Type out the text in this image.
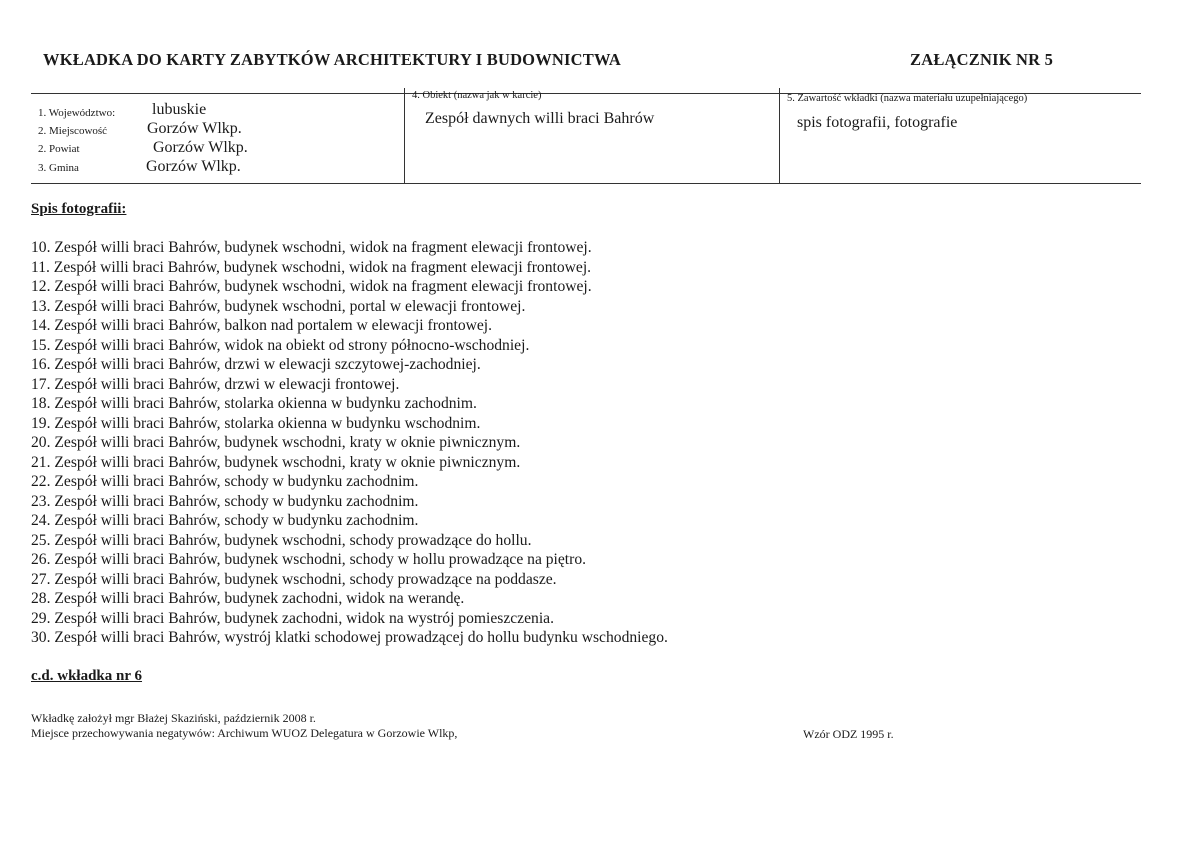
WKŁADKA DO KARTY ZABYTKÓW ARCHITEKTURY I BUDOWNICTWA	ZAŁĄCZNIK NR 5
1. Województwo: lubuskie
2. Miejscowość Gorzów Wlkp.
2. Powiat	Gorzów Wlkp.
3. Gmina	Gorzów Wlkp.
4. Obiekt (nazwa jak w karcie)
Zespół dawnych willi braci Bahrów
5. Zawartość wkładki (nazwa materiału uzupełniającego)
spis fotografii, fotografie
Spis fotografii:
10. Zespół willi braci Bahrów, budynek wschodni, widok na fragment elewacji frontowej.
11. Zespół willi braci Bahrów, budynek wschodni, widok na fragment elewacji frontowej.
12. Zespół willi braci Bahrów, budynek wschodni, widok na fragment elewacji frontowej.
13. Zespół willi braci Bahrów, budynek wschodni, portal w elewacji frontowej.
14. Zespół willi braci Bahrów, balkon nad portalem w elewacji frontowej.
15. Zespół willi braci Bahrów, widok na obiekt od strony północno-wschodniej.
16. Zespół willi braci Bahrów, drzwi w elewacji szczytowej-zachodniej.
17. Zespół willi braci Bahrów, drzwi w elewacji frontowej.
18. Zespół willi braci Bahrów, stolarka okienna w budynku zachodnim.
19. Zespół willi braci Bahrów, stolarka okienna w budynku wschodnim.
20. Zespół willi braci Bahrów, budynek wschodni, kraty w oknie piwnicznym.
21. Zespół willi braci Bahrów, budynek wschodni, kraty w oknie piwnicznym.
22. Zespół willi braci Bahrów, schody w budynku zachodnim.
23. Zespół willi braci Bahrów, schody w budynku zachodnim.
24. Zespół willi braci Bahrów, schody w budynku zachodnim.
25. Zespół willi braci Bahrów, budynek wschodni, schody prowadzące do hollu.
26. Zespół willi braci Bahrów, budynek wschodni, schody w hollu prowadzące na piętro.
27. Zespół willi braci Bahrów, budynek wschodni, schody prowadzące na poddasze.
28. Zespół willi braci Bahrów, budynek zachodni, widok na werandę.
29. Zespół willi braci Bahrów, budynek zachodni, widok na wystrój pomieszczenia.
30. Zespół willi braci Bahrów, wystrój klatki schodowej prowadzącej do hollu budynku wschodniego.
c.d. wkładka nr 6
Wkładkę założył mgr Błażej Skaziński, październik 2008 r.
Miejsce przechowywania negatywów: Archiwum WUOZ Delegatura w Gorzowie Wlkp,	Wzór ODZ 1995 r.
